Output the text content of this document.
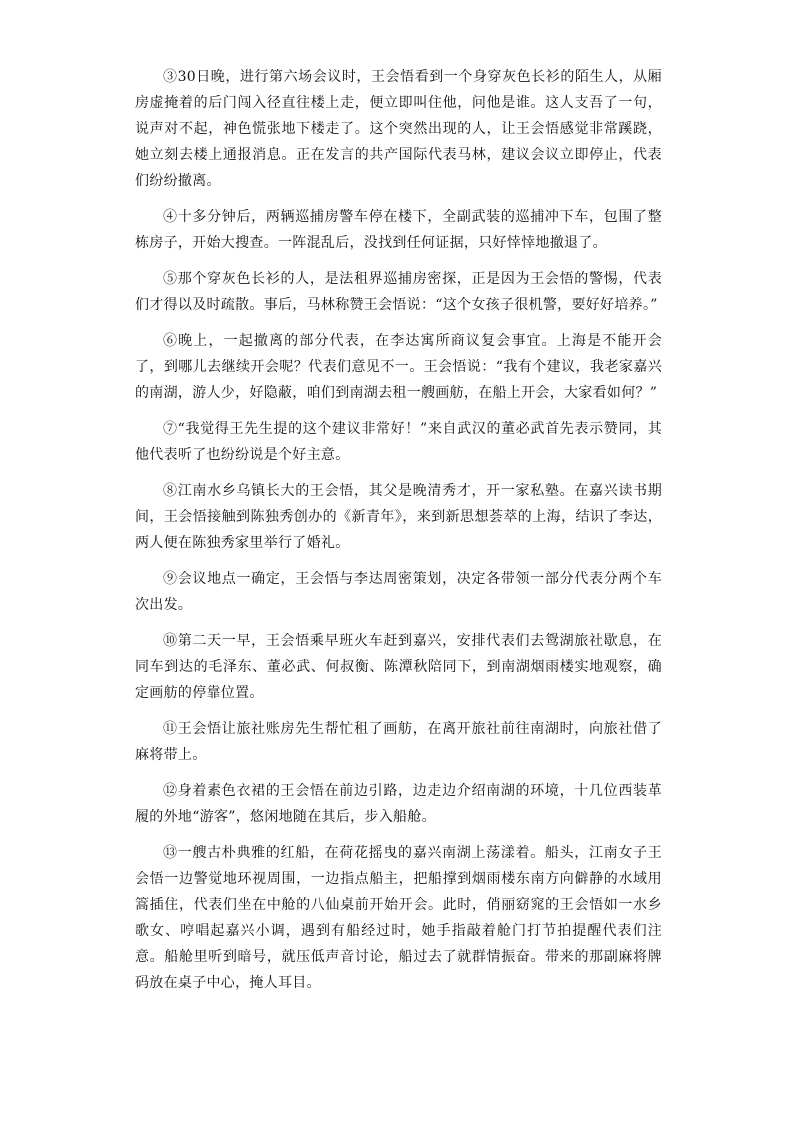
③30日晚，进行第六场会议时，王会悟看到一个身穿灰色长衫的陌生人，从厢房虚掩着的后门闯入径直往楼上走，便立即叫住他，问他是谁。这人支吾了一句，说声对不起，神色慌张地下楼走了。这个突然出现的人，让王会悟感觉非常蹊跷，她立刻去楼上通报消息。正在发言的共产国际代表马林，建议会议立即停止，代表们纷纷撤离。

④十多分钟后，两辆巡捕房警车停在楼下，全副武装的巡捕冲下车，包围了整栋房子，开始大搜查。一阵混乱后，没找到任何证据，只好悻悻地撤退了。

⑤那个穿灰色长衫的人，是法租界巡捕房密探，正是因为王会悟的警惕，代表们才得以及时疏散。事后，马林称赞王会悟说：“这个女孩子很机警，要好好培养。”

⑥晚上，一起撤离的部分代表，在李达寓所商议复会事宜。上海是不能开会了，到哪儿去继续开会呢？代表们意见不一。王会悟说：“我有个建议，我老家嘉兴的南湖，游人少，好隐蔽，咱们到南湖去租一艘画舫，在船上开会，大家看如何？”

⑦“我觉得王先生提的这个建议非常好！”来自武汉的董必武首先表示赞同，其他代表听了也纷纷说是个好主意。

⑧江南水乡乌镇长大的王会悟，其父是晚清秀才，开一家私塾。在嘉兴读书期间，王会悟接触到陈独秀创办的《新青年》，来到新思想荟萃的上海，结识了李达，两人便在陈独秀家里举行了婚礼。

⑨会议地点一确定，王会悟与李达周密策划，决定各带领一部分代表分两个车次出发。

⑩第二天一早，王会悟乘早班火车赶到嘉兴，安排代表们去鸳湖旅社歇息，在同车到达的毛泽东、董必武、何叔衡、陈潭秋陪同下，到南湖烟雨楼实地观察，确定画舫的停靠位置。

⑪王会悟让旅社账房先生帮忙租了画舫，在离开旅社前往南湖时，向旅社借了麻将带上。

⑫身着素色衣裙的王会悟在前边引路，边走边介绍南湖的环境，十几位西装革履的外地“游客”，悠闲地随在其后，步入船舱。

⑬一艘古朴典雅的红船，在荷花摇曳的嘉兴南湖上荡漾着。船头，江南女子王会悟一边警觉地环视周围，一边指点船主，把船撑到烟雨楼东南方向僻静的水域用篙插住，代表们坐在中舱的八仙桌前开始开会。此时，俏丽窈窕的王会悟如一水乡歌女、哼唱起嘉兴小调，遇到有船经过时，她手指敲着舱门打节拍提醒代表们注意。船舱里听到暗号，就压低声音讨论，船过去了就群情振奋。带来的那副麻将牌码放在桌子中心，掩人耳目。
